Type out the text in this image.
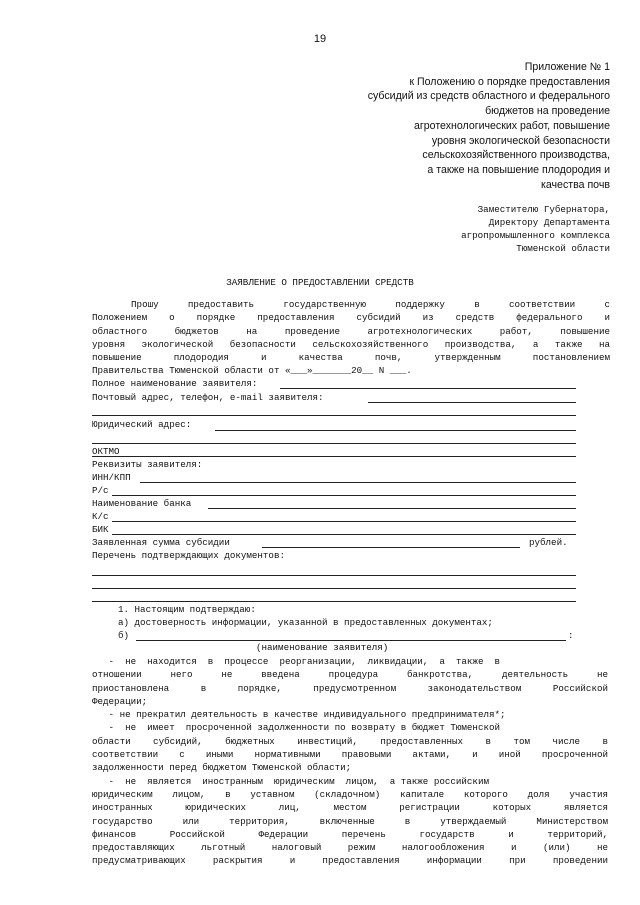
19
Приложение № 1
к Положению о порядке предоставления
субсидий из средств областного и федерального
бюджетов на проведение
агротехнологических работ, повышение
уровня экологической безопасности
сельскохозяйственного производства,
а также на повышение плодородия и
качества почв
Заместителю Губернатора,
Директору Департамента
агропромышленного комплекса
Тюменской области
ЗАЯВЛЕНИЕ О ПРЕДОСТАВЛЕНИИ СРЕДСТВ
Прошу   предоставить   государственную   поддержку   в   соответствии   с
Положением о порядке предоставления субсидий из средств федерального и
областного бюджетов на проведение агротехнологических работ, повышение
уровня экологической безопасности сельскохозяйственного производства, а также на
повышение плодородия и качества почв, утвержденным постановлением
Правительства Тюменской области от «___»_______20__ N ___.
Полное наименование заявителя:
Почтовый адрес, телефон, e-mail заявителя:
Юридический адрес:
ОКТМО
Реквизиты заявителя:
ИНН/КПП
Р/с
Наименование банка
К/с
БИК
Заявленная сумма субсидии	рублей.
Перечень подтверждающих документов:
1. Настоящим подтверждаю:
а) достоверность информации, указанной в предоставленных документах;
б)	:
(наименование заявителя)
-  не  находится  в  процессе  реорганизации,  ликвидации,  а  также  в
отношении него не введена процедура банкротства, деятельность не
приостановлена в порядке, предусмотренном законодательством Российской
Федерации;
- не прекратил деятельность в качестве индивидуального предпринимателя*;
-  не  имеет  просроченной задолженности по возврату в бюджет Тюменской
области субсидий, бюджетных инвестиций, предоставленных в том числе в
соответствии с иными нормативными правовыми актами, и иной просроченной
задолженности перед бюджетом Тюменской области;
-  не  является  иностранным  юридическим  лицом,  а также российским
юридическим лицом, в уставном (складочном) капитале которого доля участия
иностранных юридических лиц, местом регистрации которых является
государство или территория, включенные в утверждаемый Министерством
финансов Российской Федерации перечень государств и территорий,
предоставляющих льготный налоговый режим налогообложения и (или) не
предусматривающих раскрытия и предоставления информации при проведении
